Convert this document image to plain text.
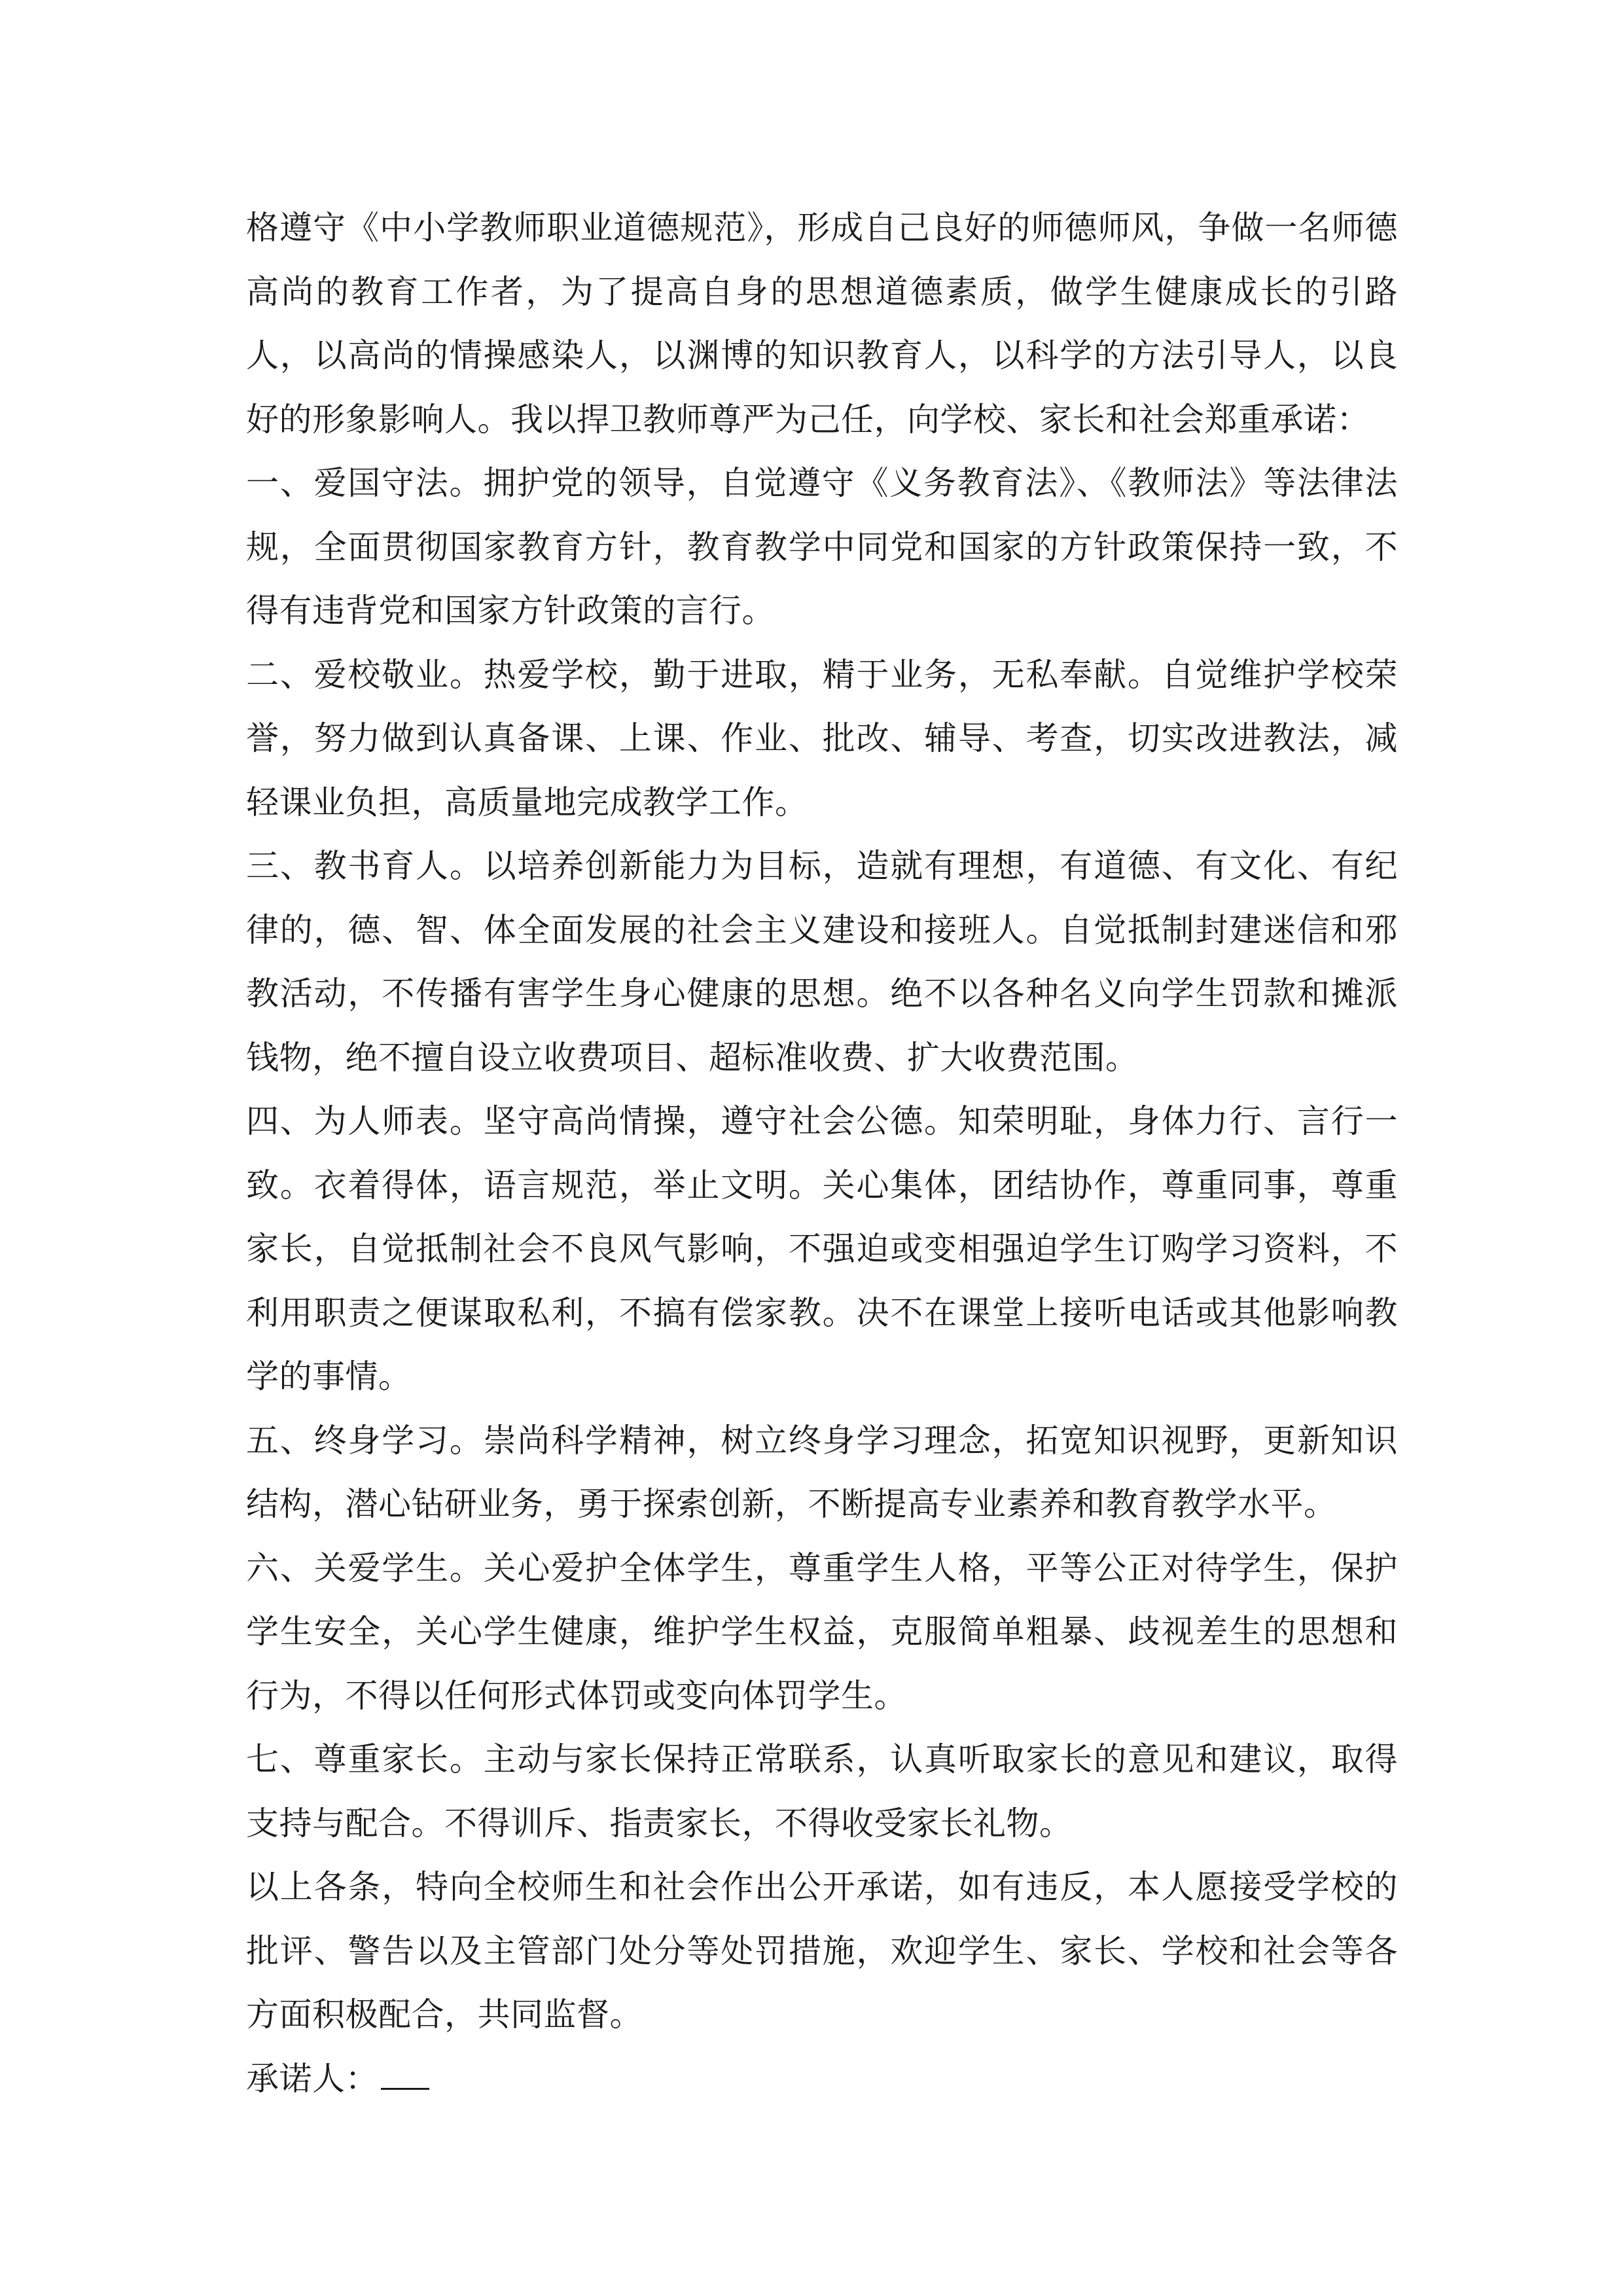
格遵守《中小学教师职业道德规范》，形成自己良好的师德师风，争做一名师德高尚的教育工作者，为了提高自身的思想道德素质，做学生健康成长的引路人，以高尚的情操感染人，以渊博的知识教育人，以科学的方法引导人，以良好的形象影响人。我以捍卫教师尊严为己任，向学校、家长和社会郑重承诺：

一、爱国守法。拥护党的领导，自觉遵守《义务教育法》、《教师法》等法律法规，全面贯彻国家教育方针，教育教学中同党和国家的方针政策保持一致，不得有违背党和国家方针政策的言行。

二、爱校敬业。热爱学校，勤于进取，精于业务，无私奉献。自觉维护学校荣誉，努力做到认真备课、上课、作业、批改、辅导、考查，切实改进教法，减轻课业负担，高质量地完成教学工作。

三、教书育人。以培养创新能力为目标，造就有理想，有道德、有文化、有纪律的，德、智、体全面发展的社会主义建设和接班人。自觉抵制封建迷信和邪教活动，不传播有害学生身心健康的思想。绝不以各种名义向学生罚款和摊派钱物，绝不擅自设立收费项目、超标准收费、扩大收费范围。

四、为人师表。坚守高尚情操，遵守社会公德。知荣明耻，身体力行、言行一致。衣着得体，语言规范，举止文明。关心集体，团结协作，尊重同事，尊重家长，自觉抵制社会不良风气影响，不强迫或变相强迫学生订购学习资料，不利用职责之便谋取私利，不搞有偿家教。决不在课堂上接听电话或其他影响教学的事情。

五、终身学习。崇尚科学精神，树立终身学习理念，拓宽知识视野，更新知识结构，潜心钻研业务，勇于探索创新，不断提高专业素养和教育教学水平。

六、关爱学生。关心爱护全体学生，尊重学生人格，平等公正对待学生，保护学生安全，关心学生健康，维护学生权益，克服简单粗暴、歧视差生的思想和行为，不得以任何形式体罚或变向体罚学生。

七、尊重家长。主动与家长保持正常联系，认真听取家长的意见和建议，取得支持与配合。不得训斥、指责家长，不得收受家长礼物。

以上各条，特向全校师生和社会作出公开承诺，如有违反，本人愿接受学校的批评、警告以及主管部门处分等处罚措施，欢迎学生、家长、学校和社会等各方面积极配合，共同监督。

承诺人：
